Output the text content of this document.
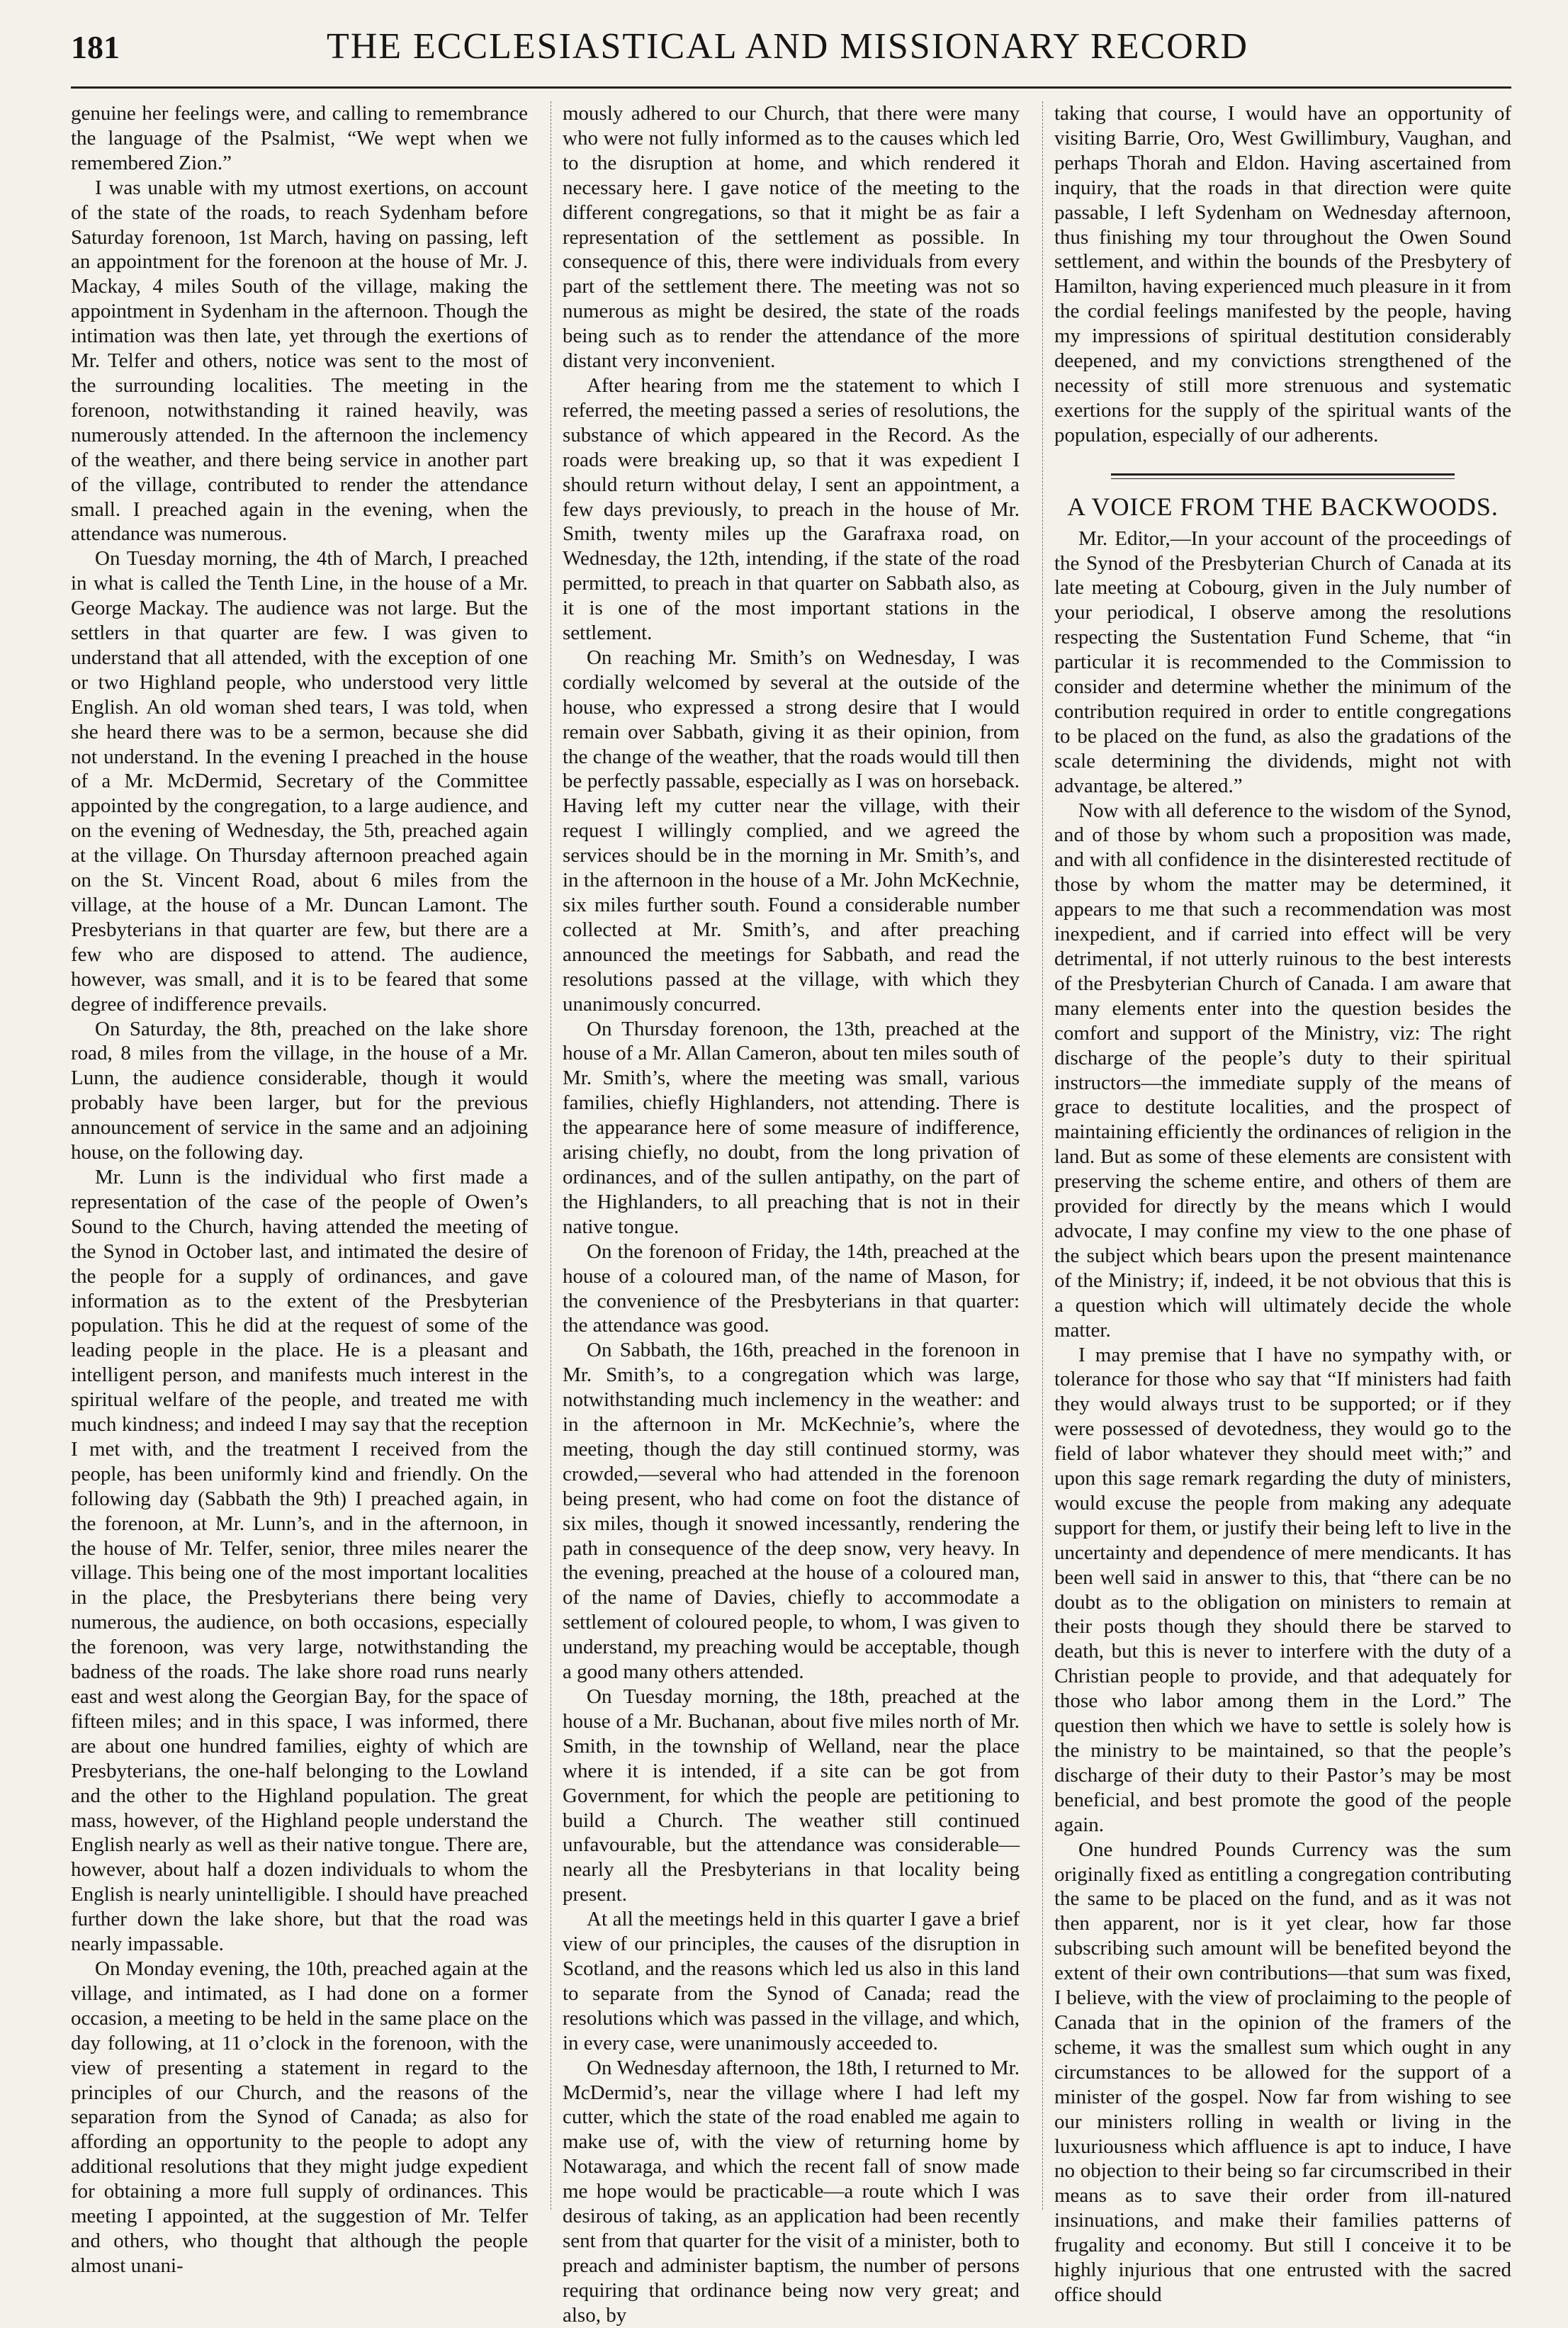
181	THE ECCLESIASTICAL AND MISSIONARY RECORD

genuine her feelings were, and calling to remembrance the language of the Psalmist, “We wept when we remembered Zion.”

I was unable with my utmost exertions, on account of the state of the roads, to reach Sydenham before Saturday forenoon, 1st March, having on passing, left an appointment for the forenoon at the house of Mr. J. Mackay, 4 miles South of the village, making the appointment in Sydenham in the afternoon. Though the intimation was then late, yet through the exertions of Mr. Telfer and others, notice was sent to the most of the surrounding localities. The meeting in the forenoon, notwithstanding it rained heavily, was numerously attended. In the afternoon the inclemency of the weather, and there being service in another part of the village, contributed to render the attendance small. I preached again in the evening, when the attendance was numerous.

On Tuesday morning, the 4th of March, I preached in what is called the Tenth Line, in the house of a Mr. George Mackay. The audience was not large. But the settlers in that quarter are few. I was given to understand that all attended, with the exception of one or two Highland people, who understood very little English. An old woman shed tears, I was told, when she heard there was to be a sermon, because she did not understand. In the evening I preached in the house of a Mr. McDermid, Secretary of the Committee appointed by the congregation, to a large audience, and on the evening of Wednesday, the 5th, preached again at the village. On Thursday afternoon preached again on the St. Vincent Road, about 6 miles from the village, at the house of a Mr. Duncan Lamont. The Presbyterians in that quarter are few, but there are a few who are disposed to attend. The audience, however, was small, and it is to be feared that some degree of indifference prevails.

On Saturday, the 8th, preached on the lake shore road, 8 miles from the village, in the house of a Mr. Lunn, the audience considerable, though it would probably have been larger, but for the previous announcement of service in the same and an adjoining house, on the following day.

Mr. Lunn is the individual who first made a representation of the case of the people of Owen’s Sound to the Church, having attended the meeting of the Synod in October last, and intimated the desire of the people for a supply of ordinances, and gave information as to the extent of the Presbyterian population. This he did at the request of some of the leading people in the place. He is a pleasant and intelligent person, and manifests much interest in the spiritual welfare of the people, and treated me with much kindness; and indeed I may say that the reception I met with, and the treatment I received from the people, has been uniformly kind and friendly. On the following day (Sabbath the 9th) I preached again, in the forenoon, at Mr. Lunn’s, and in the afternoon, in the house of Mr. Telfer, senior, three miles nearer the village. This being one of the most important localities in the place, the Presbyterians there being very numerous, the audience, on both occasions, especially the forenoon, was very large, notwithstanding the badness of the roads. The lake shore road runs nearly east and west along the Georgian Bay, for the space of fifteen miles; and in this space, I was informed, there are about one hundred families, eighty of which are Presbyterians, the one-half belonging to the Lowland and the other to the Highland population. The great mass, however, of the Highland people understand the English nearly as well as their native tongue. There are, however, about half a dozen individuals to whom the English is nearly unintelligible. I should have preached further down the lake shore, but that the road was nearly impassable.

On Monday evening, the 10th, preached again at the village, and intimated, as I had done on a former occasion, a meeting to be held in the same place on the day following, at 11 o’clock in the forenoon, with the view of presenting a statement in regard to the principles of our Church, and the reasons of the separation from the Synod of Canada; as also for affording an opportunity to the people to adopt any additional resolutions that they might judge expedient for obtaining a more full supply of ordinances. This meeting I appointed, at the suggestion of Mr. Telfer and others, who thought that although the people almost unani-

mously adhered to our Church, that there were many who were not fully informed as to the causes which led to the disruption at home, and which rendered it necessary here. I gave notice of the meeting to the different congregations, so that it might be as fair a representation of the settlement as possible. In consequence of this, there were individuals from every part of the settlement there. The meeting was not so numerous as might be desired, the state of the roads being such as to render the attendance of the more distant very inconvenient.

After hearing from me the statement to which I referred, the meeting passed a series of resolutions, the substance of which appeared in the Record. As the roads were breaking up, so that it was expedient I should return without delay, I sent an appointment, a few days previously, to preach in the house of Mr. Smith, twenty miles up the Garafraxa road, on Wednesday, the 12th, intending, if the state of the road permitted, to preach in that quarter on Sabbath also, as it is one of the most important stations in the settlement.

On reaching Mr. Smith’s on Wednesday, I was cordially welcomed by several at the outside of the house, who expressed a strong desire that I would remain over Sabbath, giving it as their opinion, from the change of the weather, that the roads would till then be perfectly passable, especially as I was on horseback. Having left my cutter near the village, with their request I willingly complied, and we agreed the services should be in the morning in Mr. Smith’s, and in the afternoon in the house of a Mr. John McKechnie, six miles further south. Found a considerable number collected at Mr. Smith’s, and after preaching announced the meetings for Sabbath, and read the resolutions passed at the village, with which they unanimously concurred.

On Thursday forenoon, the 13th, preached at the house of a Mr. Allan Cameron, about ten miles south of Mr. Smith’s, where the meeting was small, various families, chiefly Highlanders, not attending. There is the appearance here of some measure of indifference, arising chiefly, no doubt, from the long privation of ordinances, and of the sullen antipathy, on the part of the Highlanders, to all preaching that is not in their native tongue.

On the forenoon of Friday, the 14th, preached at the house of a coloured man, of the name of Mason, for the convenience of the Presbyterians in that quarter: the attendance was good.

On Sabbath, the 16th, preached in the forenoon in Mr. Smith’s, to a congregation which was large, notwithstanding much inclemency in the weather: and in the afternoon in Mr. McKechnie’s, where the meeting, though the day still continued stormy, was crowded,—several who had attended in the forenoon being present, who had come on foot the distance of six miles, though it snowed incessantly, rendering the path in consequence of the deep snow, very heavy. In the evening, preached at the house of a coloured man, of the name of Davies, chiefly to accommodate a settlement of coloured people, to whom, I was given to understand, my preaching would be acceptable, though a good many others attended.

On Tuesday morning, the 18th, preached at the house of a Mr. Buchanan, about five miles north of Mr. Smith, in the township of Welland, near the place where it is intended, if a site can be got from Government, for which the people are petitioning to build a Church. The weather still continued unfavourable, but the attendance was considerable—nearly all the Presbyterians in that locality being present.

At all the meetings held in this quarter I gave a brief view of our principles, the causes of the disruption in Scotland, and the reasons which led us also in this land to separate from the Synod of Canada; read the resolutions which was passed in the village, and which, in every case, were unanimously acceeded to.

On Wednesday afternoon, the 18th, I returned to Mr. McDermid’s, near the village where I had left my cutter, which the state of the road enabled me again to make use of, with the view of returning home by Notawaraga, and which the recent fall of snow made me hope would be practicable—a route which I was desirous of taking, as an application had been recently sent from that quarter for the visit of a minister, both to preach and administer baptism, the number of persons requiring that ordinance being now very great; and also, by

taking that course, I would have an opportunity of visiting Barrie, Oro, West Gwillimbury, Vaughan, and perhaps Thorah and Eldon. Having ascertained from inquiry, that the roads in that direction were quite passable, I left Sydenham on Wednesday afternoon, thus finishing my tour throughout the Owen Sound settlement, and within the bounds of the Presbytery of Hamilton, having experienced much pleasure in it from the cordial feelings manifested by the people, having my impressions of spiritual destitution considerably deepened, and my convictions strengthened of the necessity of still more strenuous and systematic exertions for the supply of the spiritual wants of the population, especially of our adherents.

A VOICE FROM THE BACKWOODS.

Mr. Editor,—In your account of the proceedings of the Synod of the Presbyterian Church of Canada at its late meeting at Cobourg, given in the July number of your periodical, I observe among the resolutions respecting the Sustentation Fund Scheme, that “in particular it is recommended to the Commission to consider and determine whether the minimum of the contribution required in order to entitle congregations to be placed on the fund, as also the gradations of the scale determining the dividends, might not with advantage, be altered.”

Now with all deference to the wisdom of the Synod, and of those by whom such a proposition was made, and with all confidence in the disinterested rectitude of those by whom the matter may be determined, it appears to me that such a recommendation was most inexpedient, and if carried into effect will be very detrimental, if not utterly ruinous to the best interests of the Presbyterian Church of Canada. I am aware that many elements enter into the question besides the comfort and support of the Ministry, viz: The right discharge of the people’s duty to their spiritual instructors—the immediate supply of the means of grace to destitute localities, and the prospect of maintaining efficiently the ordinances of religion in the land. But as some of these elements are consistent with preserving the scheme entire, and others of them are provided for directly by the means which I would advocate, I may confine my view to the one phase of the subject which bears upon the present maintenance of the Ministry; if, indeed, it be not obvious that this is a question which will ultimately decide the whole matter.

I may premise that I have no sympathy with, or tolerance for those who say that “If ministers had faith they would always trust to be supported; or if they were possessed of devotedness, they would go to the field of labor whatever they should meet with;” and upon this sage remark regarding the duty of ministers, would excuse the people from making any adequate support for them, or justify their being left to live in the uncertainty and dependence of mere mendicants. It has been well said in answer to this, that “there can be no doubt as to the obligation on ministers to remain at their posts though they should there be starved to death, but this is never to interfere with the duty of a Christian people to provide, and that adequately for those who labor among them in the Lord.” The question then which we have to settle is solely how is the ministry to be maintained, so that the people’s discharge of their duty to their Pastor’s may be most beneficial, and best promote the good of the people again.

One hundred Pounds Currency was the sum originally fixed as entitling a congregation contributing the same to be placed on the fund, and as it was not then apparent, nor is it yet clear, how far those subscribing such amount will be benefited beyond the extent of their own contributions—that sum was fixed, I believe, with the view of proclaiming to the people of Canada that in the opinion of the framers of the scheme, it was the smallest sum which ought in any circumstances to be allowed for the support of a minister of the gospel. Now far from wishing to see our ministers rolling in wealth or living in the luxuriousness which affluence is apt to induce, I have no objection to their being so far circumscribed in their means as to save their order from ill-natured insinuations, and make their families patterns of frugality and economy. But still I conceive it to be highly injurious that one entrusted with the sacred office should
